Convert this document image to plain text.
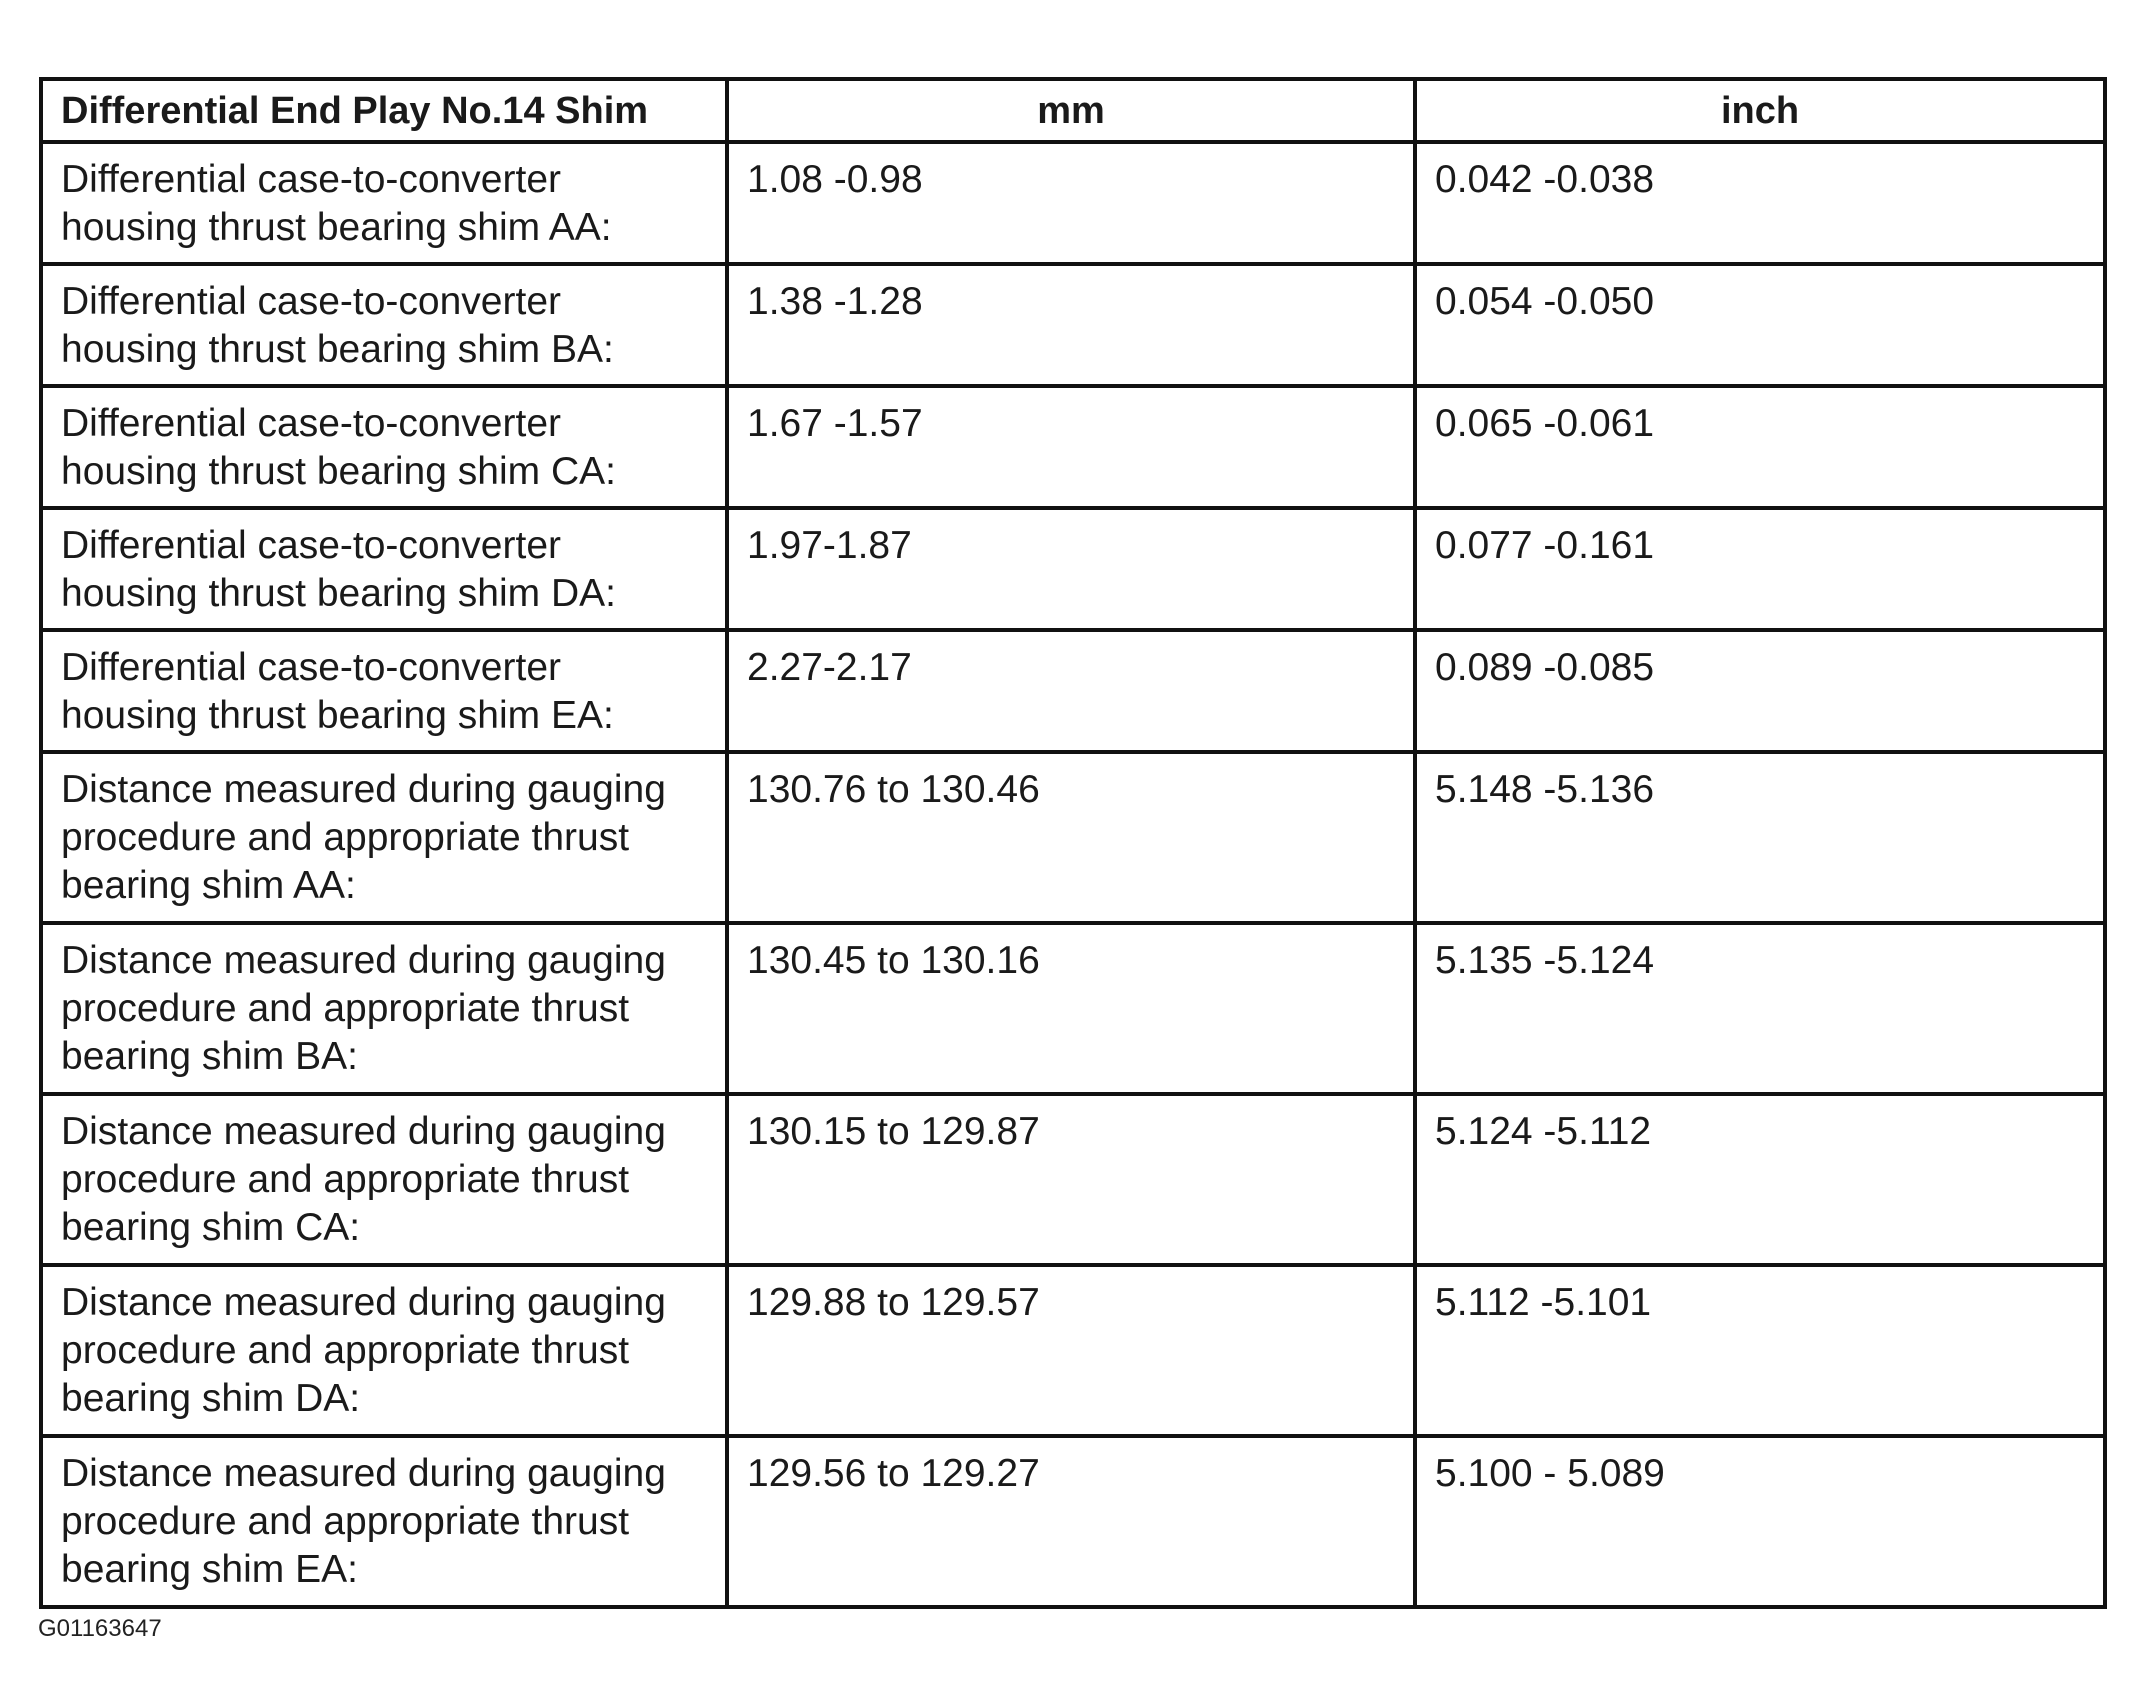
Differential End Play No.14 Shim	mm	inch
Differential case-to-converter housing thrust bearing shim AA:	1.08 -0.98	0.042 -0.038
Differential case-to-converter housing thrust bearing shim BA:	1.38 -1.28	0.054 -0.050
Differential case-to-converter housing thrust bearing shim CA:	1.67 -1.57	0.065 -0.061
Differential case-to-converter housing thrust bearing shim DA:	1.97-1.87	0.077 -0.161
Differential case-to-converter housing thrust bearing shim EA:	2.27-2.17	0.089 -0.085
Distance measured during gauging procedure and appropriate thrust bearing shim AA:	130.76 to 130.46	5.148 -5.136
Distance measured during gauging procedure and appropriate thrust bearing shim BA:	130.45 to 130.16	5.135 -5.124
Distance measured during gauging procedure and appropriate thrust bearing shim CA:	130.15 to 129.87	5.124 -5.112
Distance measured during gauging procedure and appropriate thrust bearing shim DA:	129.88 to 129.57	5.112 -5.101
Distance measured during gauging procedure and appropriate thrust bearing shim EA:	129.56 to 129.27	5.100 - 5.089
G01163647
